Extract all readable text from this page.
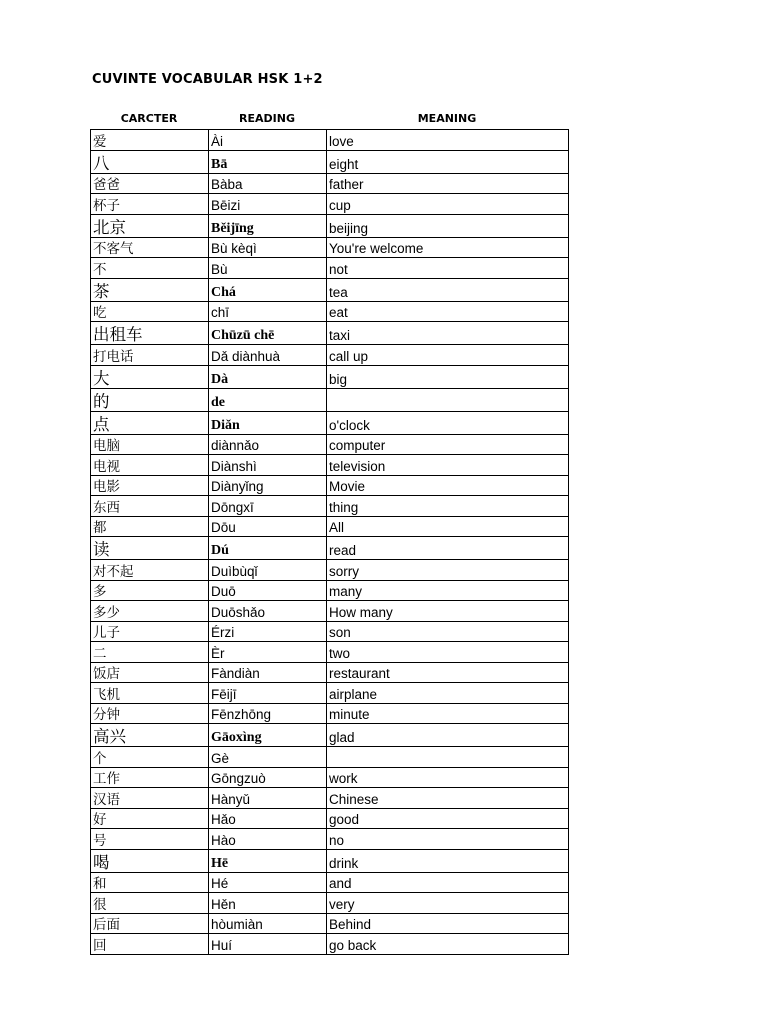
CUVINTE VOCABULAR HSK 1+2
CARCTER	READING	MEANING
爱	Ài	love
八	Bā	eight
爸爸	Bàba	father
杯子	Bēizi	cup
北京	Běijīng	beijing
不客气	Bù kèqì	You're welcome
不	Bù	not
茶	Chá	tea
吃	chī	eat
出租车	Chūzū chē	taxi
打电话	Dǎ diànhuà	call up
大	Dà	big
的	de	
点	Diǎn	o'clock
电脑	diànnǎo	computer
电视	Diànshì	television
电影	Diànyǐng	Movie
东西	Dōngxī	thing
都	Dōu	All
读	Dú	read
对不起	Duìbùqǐ	sorry
多	Duō	many
多少	Duōshǎo	How many
儿子	Érzi	son
二	Èr	two
饭店	Fàndiàn	restaurant
飞机	Fēijī	airplane
分钟	Fēnzhōng	minute
高兴	Gāoxìng	glad
个	Gè	
工作	Gōngzuò	work
汉语	Hànyǔ	Chinese
好	Hǎo	good
号	Hào	no
喝	Hē	drink
和	Hé	and
很	Hěn	very
后面	hòumiàn	Behind
回	Huí	go back
